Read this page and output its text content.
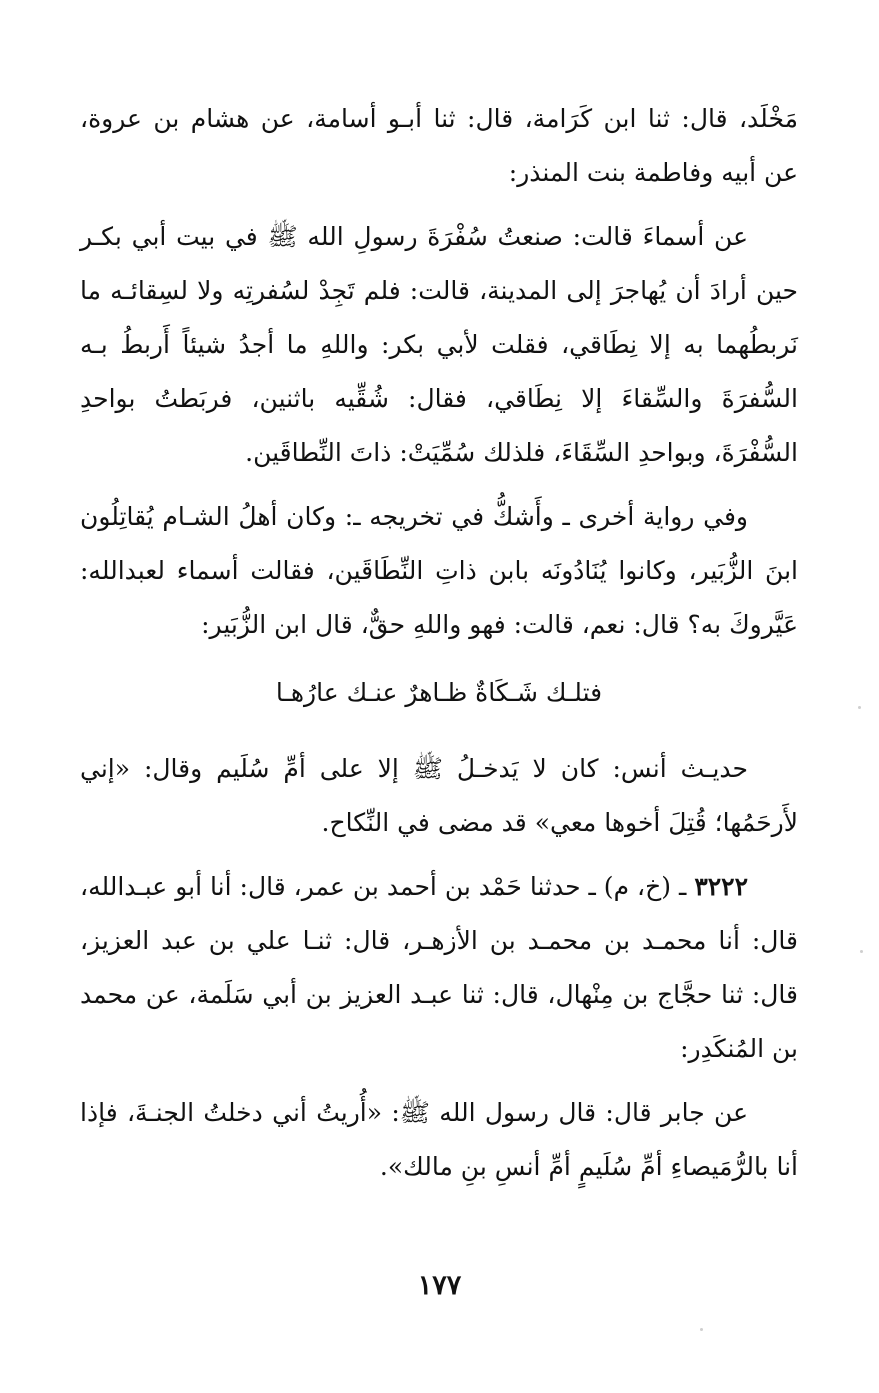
مَخْلَد، قال: ثنا ابن كَرَامة، قال: ثنا أبـو أسامة، عن هشام بن عروة، عن أبيه وفاطمة بنت المنذر:

عن أسماءَ قالت: صنعتُ سُفْرَةَ رسولِ الله ﷺ في بيت أبي بكـر حين أرادَ أن يُهاجرَ إلى المدينة، قالت: فلم تَجِدْ لسُفرتِه ولا لسِقائـه ما نَربطُهما به إلا نِطَاقي، فقلت لأبي بكر: واللهِ ما أجدُ شيئاً أَربطُ بـه السُّفرَةَ والسِّقاءَ إلا نِطَاقي، فقال: شُقِّيه باثنين، فربَطتُ بواحدِ السُّفْرَةَ، وبواحدِ السِّقَاءَ، فلذلك سُمِّيَتْ: ذاتَ النِّطاقَين.

وفي رواية أخرى ـ وأَشكُّ في تخريجه ـ: وكان أهلُ الشـام يُقاتِلُون ابنَ الزُّبَير، وكانوا يُنَادُونَه بابن ذاتِ النِّطَاقَين، فقالت أسماء لعبدالله: عَيَّروكَ به؟ قال: نعم، قالت: فهو واللهِ حقٌّ، قال ابن الزُّبَير:

فتلـك شَـكَاةٌ ظـاهرٌ عنـك عارُهـا

حديـث أنس: كان لا يَدخـلُ ﷺ إلا على أمِّ سُلَيم وقال: «إني لأَرحَمُها؛ قُتِلَ أخوها معي» قد مضى في النِّكاح.

٣٢٢٢ ـ (خ، م) ـ حدثنا حَمْد بن أحمد بن عمر، قال: أنا أبو عبـدالله، قال: أنا محمـد بن محمـد بن الأزهـر، قال: ثنـا علي بن عبد العزيز، قال: ثنا حجَّاج بن مِنْهال، قال: ثنا عبـد العزيز بن أبي سَلَمة، عن محمد بن المُنكَدِر:

عن جابر قال: قال رسول الله ﷺ: «أُريتُ أني دخلتُ الجنـةَ، فإذا أنا بالرُّمَيصاءِ أمِّ سُلَيمٍ أمِّ أنسِ بنِ مالك».

١٧٧
